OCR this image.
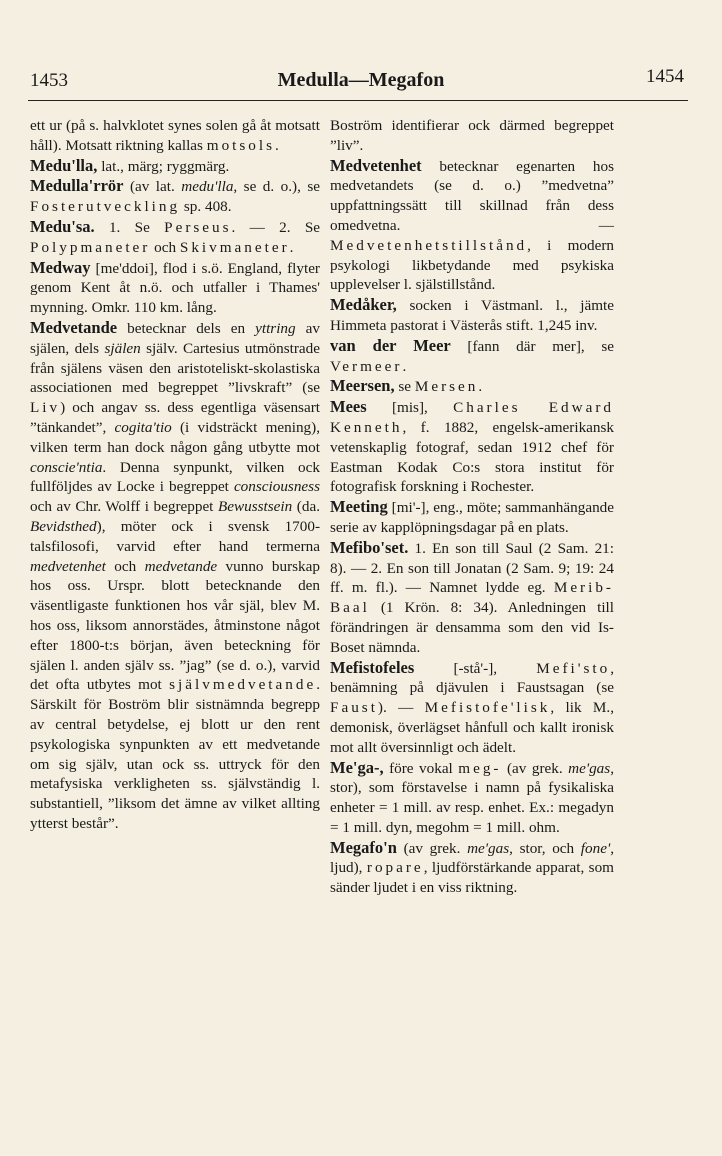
1453	Medulla—Megafon	1454

ett ur (på s. halvklotet synes solen gå åt motsatt håll). Motsatt riktning kallas motsols.

Medu'lla, lat., märg; ryggmärg.

Medulla'rrör (av lat. medu'lla, se d. o.), se Fosterutveckling sp. 408.

Medu'sa. 1. Se Perseus. — 2. Se Polypmaneter och Skivmaneter.

Medway [me'ddoi], flod i s.ö. England, flyter genom Kent åt n.ö. och utfaller i Thames' mynning. Omkr. 110 km. lång.

Medvetande betecknar dels en yttring av själen, dels själen själv. Cartesius utmönstrade från själens väsen den aristoteliskt-skolastiska associationen med begreppet ”livskraft” (se Liv) och angav ss. dess egentliga väsensart ”tänkandet”, cogita'tio (i vidsträckt mening), vilken term han dock någon gång utbytte mot conscie'ntia. Denna synpunkt, vilken ock fullföljdes av Locke i begreppet consciousness och av Chr. Wolff i begreppet Bewusstsein (da. Bevidsthed), möter ock i svensk 1700-talsfilosofi, varvid efter hand termerna medvetenhet och medvetande vunno burskap hos oss. Urspr. blott betecknande den väsentligaste funktionen hos vår själ, blev M. hos oss, liksom annorstädes, åtminstone något efter 1800-t:s början, även beteckning för själen l. anden själv ss. ”jag” (se d. o.), varvid det ofta utbytes mot självmedvetande. Särskilt för Boström blir sistnämnda begrepp av central betydelse, ej blott ur den rent psykologiska synpunkten av ett medvetande om sig själv, utan ock ss. uttryck för den metafysiska verkligheten ss. självständig l. substantiell, ”liksom det ämne av vilket allting ytterst består”.

Boström identifierar ock därmed begreppet ”liv”.

Medvetenhet betecknar egenarten hos medvetandets (se d. o.) ”medvetna” uppfattningssätt till skillnad från dess omedvetna. — Medvetenhetstillstånd, i modern psykologi likbetydande med psykiska upplevelser l. själstillstånd.

Medåker, socken i Västmanl. l., jämte Himmeta pastorat i Västerås stift. 1,245 inv.

van der Meer [fann där mer], se Vermeer.

Meersen, se Mersen.

Mees [mis], Charles Edward Kenneth, f. 1882, engelsk-amerikansk vetenskaplig fotograf, sedan 1912 chef för Eastman Kodak Co:s stora institut för fotografisk forskning i Rochester.

Meeting [mi'-], eng., möte; sammanhängande serie av kapplöpningsdagar på en plats.

Mefibo'set. 1. En son till Saul (2 Sam. 21: 8). — 2. En son till Jonatan (2 Sam. 9; 19: 24 ff. m. fl.). — Namnet lydde eg. Merib-Baal (1 Krön. 8: 34). Anledningen till förändringen är densamma som den vid Is-Boset nämnda.

Mefistofeles [-stå'-], Mefi'sto, benämning på djävulen i Faustsagan (se Faust). — Mefistofe'lisk, lik M., demonisk, överlägset hånfull och kallt ironisk mot allt översinnligt och ädelt.

Me'ga-, före vokal meg- (av grek. me'gas, stor), som förstavelse i namn på fysikaliska enheter = 1 mill. av resp. enhet. Ex.: megadyn = 1 mill. dyn, megohm = 1 mill. ohm.

Megafo'n (av grek. me'gas, stor, och fone', ljud), ropare, ljudförstärkande apparat, som sänder ljudet i en viss riktning.
